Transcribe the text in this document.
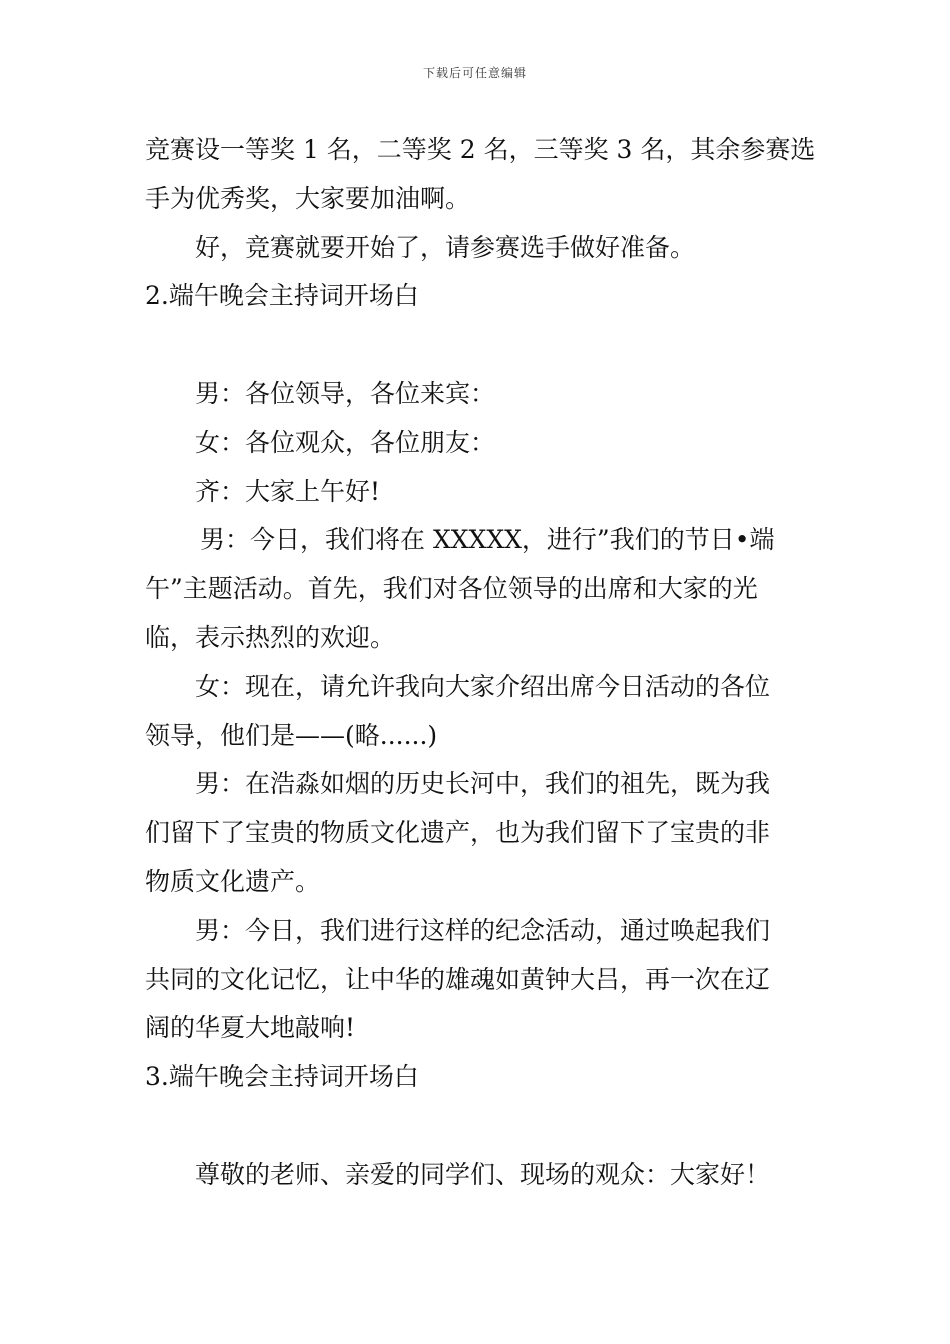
下载后可任意编辑
竞赛设一等奖 1 名，二等奖 2 名，三等奖 3 名，其余参赛选
手为优秀奖，大家要加油啊。
好，竞赛就要开始了，请参赛选手做好准备。
2.端午晚会主持词开场白
男：各位领导，各位来宾：
女：各位观众，各位朋友：
齐：大家上午好!
男：今日，我们将在 XXXXX，进行”我们的节日•端
午”主题活动。首先，我们对各位领导的出席和大家的光
临，表示热烈的欢迎。
女：现在，请允许我向大家介绍出席今日活动的各位
领导，他们是——(略......)
男：在浩淼如烟的历史长河中，我们的祖先，既为我
们留下了宝贵的物质文化遗产，也为我们留下了宝贵的非
物质文化遗产。
男：今日，我们进行这样的纪念活动，通过唤起我们
共同的文化记忆，让中华的雄魂如黄钟大吕，再一次在辽
阔的华夏大地敲响!
3.端午晚会主持词开场白
尊敬的老师、亲爱的同学们、现场的观众：大家好！
